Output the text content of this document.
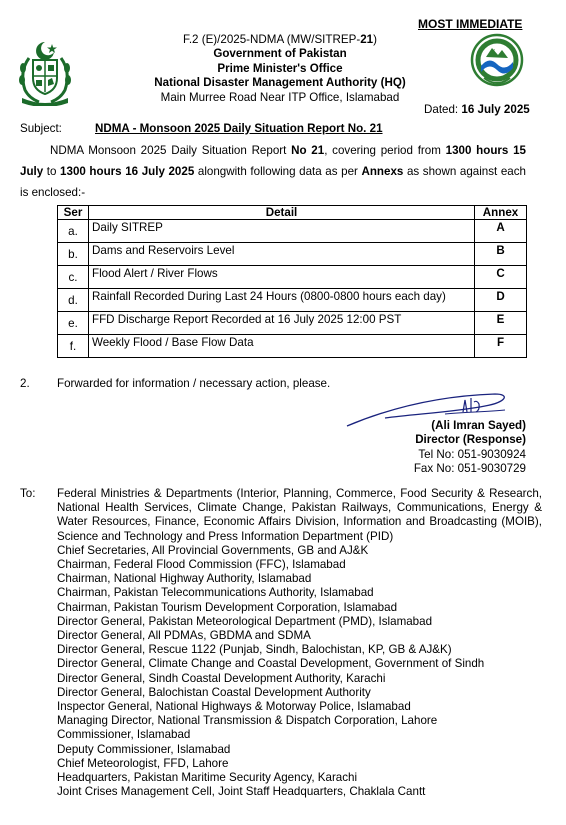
MOST IMMEDIATE
F.2 (E)/2025-NDMA (MW/SITREP-21)
Government of Pakistan
Prime Minister's Office
National Disaster Management Authority (HQ)
Main Murree Road Near ITP Office, Islamabad
Dated: 16 July 2025
Subject:	NDMA - Monsoon 2025 Daily Situation Report No. 21
NDMA Monsoon 2025 Daily Situation Report No 21, covering period from 1300 hours 15 July to 1300 hours 16 July 2025 alongwith following data as per Annexs as shown against each is enclosed:-
Ser	Detail	Annex
a.	Daily SITREP	A
b.	Dams and Reservoirs Level	B
c.	Flood Alert / River Flows	C
d.	Rainfall Recorded During Last 24 Hours (0800-0800 hours each day)	D
e.	FFD Discharge Report Recorded at 16 July 2025 12:00 PST	E
f.	Weekly Flood / Base Flow Data	F
2. Forwarded for information / necessary action, please.
(Ali Imran Sayed)
Director (Response)
Tel No: 051-9030924
Fax No: 051-9030729
To: Federal Ministries & Departments (Interior, Planning, Commerce, Food Security & Research, National Health Services, Climate Change, Pakistan Railways, Communications, Energy & Water Resources, Finance, Economic Affairs Division, Information and Broadcasting (MOIB), Science and Technology and Press Information Department (PID)
Chief Secretaries, All Provincial Governments, GB and AJ&K
Chairman, Federal Flood Commission (FFC), Islamabad
Chairman, National Highway Authority, Islamabad
Chairman, Pakistan Telecommunications Authority, Islamabad
Chairman, Pakistan Tourism Development Corporation, Islamabad
Director General, Pakistan Meteorological Department (PMD), Islamabad
Director General, All PDMAs, GBDMA and SDMA
Director General, Rescue 1122 (Punjab, Sindh, Balochistan, KP, GB & AJ&K)
Director General, Climate Change and Coastal Development, Government of Sindh
Director General, Sindh Coastal Development Authority, Karachi
Director General, Balochistan Coastal Development Authority
Inspector General, National Highways & Motorway Police, Islamabad
Managing Director, National Transmission & Dispatch Corporation, Lahore
Commissioner, Islamabad
Deputy Commissioner, Islamabad
Chief Meteorologist, FFD, Lahore
Headquarters, Pakistan Maritime Security Agency, Karachi
Joint Crises Management Cell, Joint Staff Headquarters, Chaklala Cantt
